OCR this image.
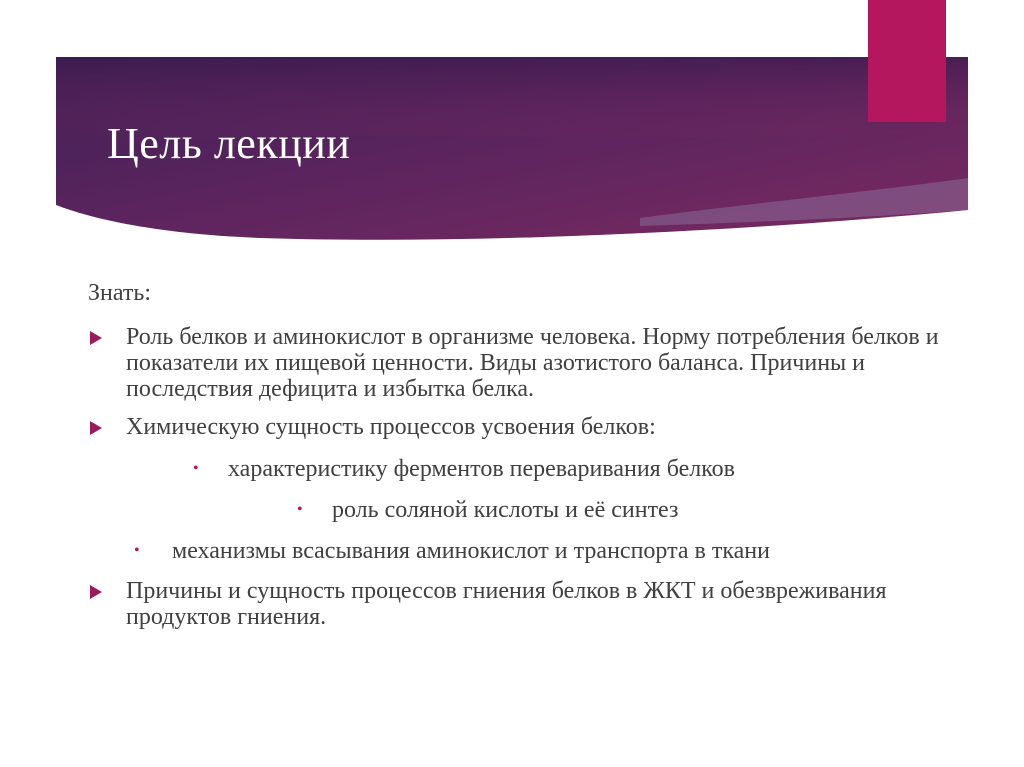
Цель лекции

Знать:

Роль белков и аминокислот в организме человека. Норму потребления белков и показатели их пищевой ценности. Виды азотистого баланса. Причины и последствия дефицита и избытка белка.
Химическую сущность процессов усвоения белков:
• характеристику ферментов переваривания белков
• роль соляной кислоты и её синтез
• механизмы всасывания аминокислот и транспорта в ткани
Причины и сущность процессов гниения белков в ЖКТ и обезвреживания продуктов гниения.
